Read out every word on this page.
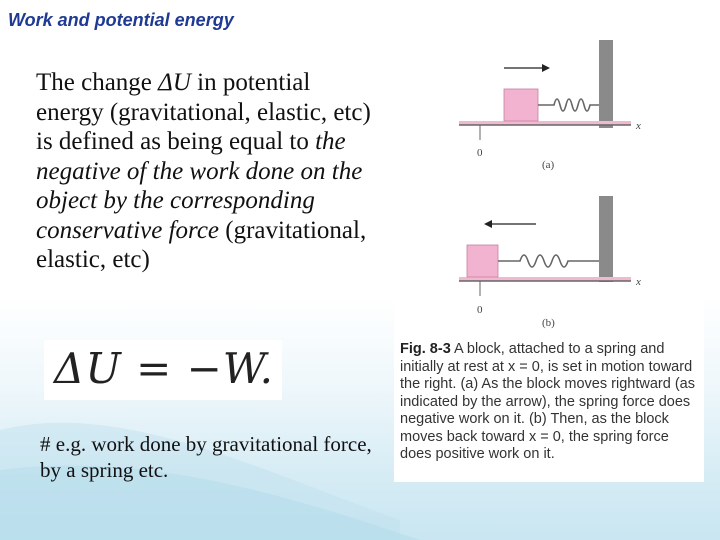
Work and potential energy
The change ΔU in potential energy (gravitational, elastic, etc) is defined as being equal to the negative of the work done on the object by the corresponding conservative force (gravitational, elastic, etc)
ΔU = −W.
# e.g. work done by gravitational force, by a spring etc.
x
0
(a)
x
0
(b)
Fig. 8-3 A block, attached to a spring and initially at rest at x = 0, is set in motion toward the right. (a) As the block moves rightward (as indicated by the arrow), the spring force does negative work on it. (b) Then, as the block moves back toward x = 0, the spring force does positive work on it.
